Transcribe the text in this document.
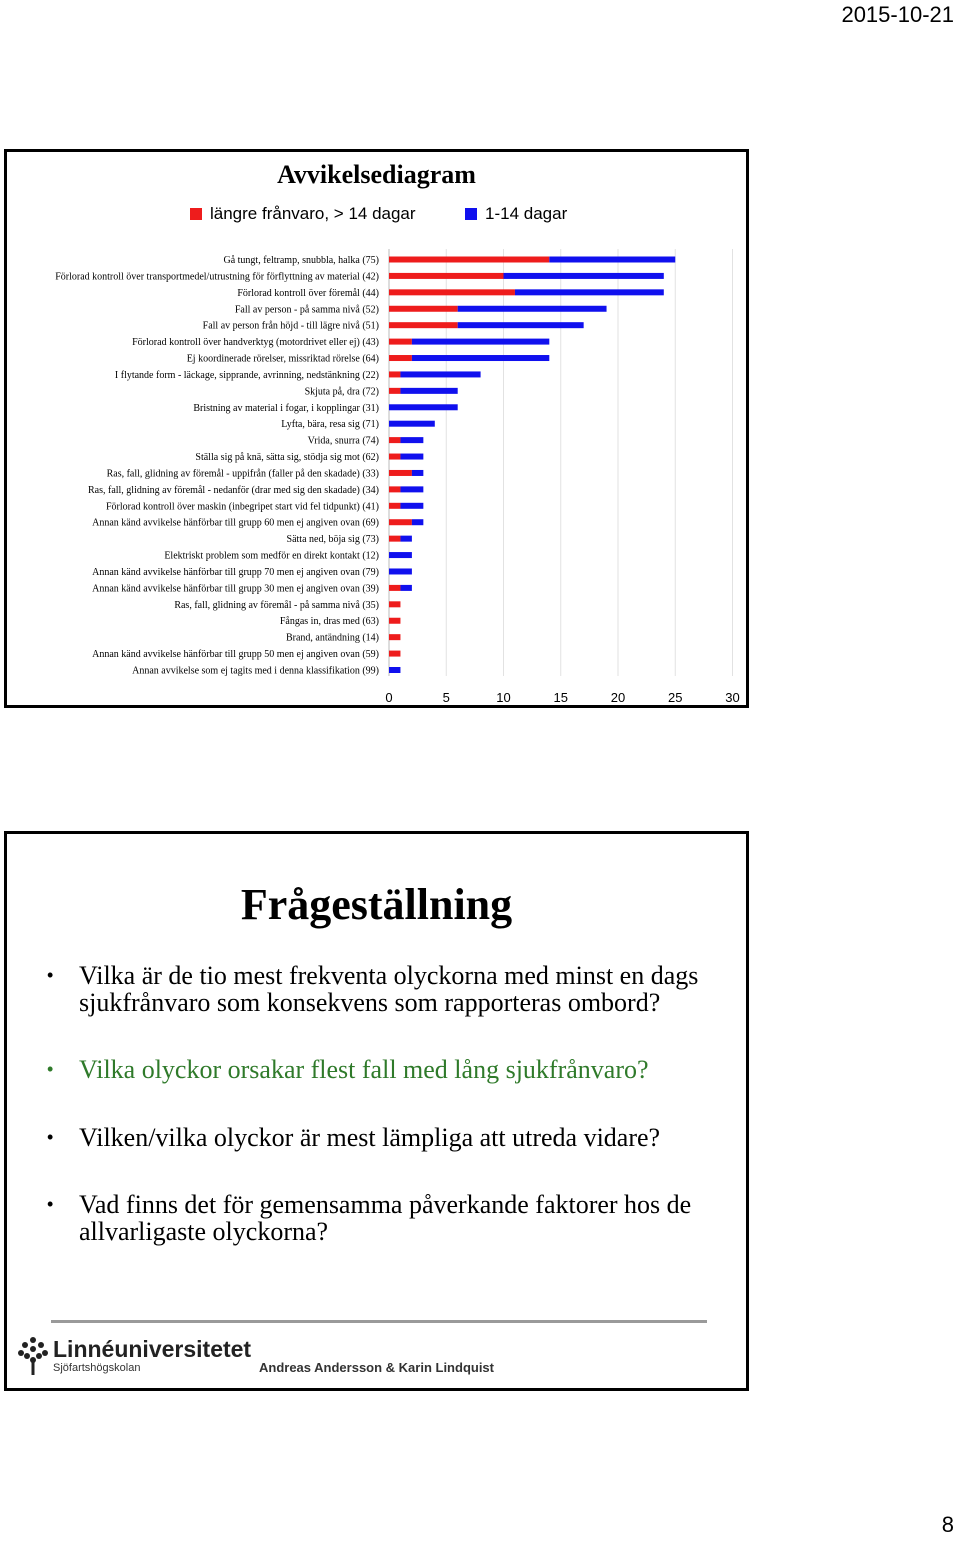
2015-10-21
Avvikelsediagram
längre frånvaro, > 14 dagar	1-14 dagar
0	5	10	15	20	25	30
Gå tungt, feltramp, snubbla, halka (75)
Förlorad kontroll över transportmedel/utrustning för förflyttning av material (42)
Förlorad kontroll över föremål (44)
Fall av person - på samma nivå (52)
Fall av person från höjd - till lägre nivå (51)
Förlorad kontroll över handverktyg (motordrivet eller ej) (43)
Ej koordinerade rörelser, missriktad rörelse (64)
I flytande form - läckage, sipprande, avrinning, nedstänkning (22)
Skjuta på, dra (72)
Bristning av material i fogar, i kopplingar (31)
Lyfta, bära, resa sig (71)
Vrida, snurra (74)
Ställa sig på knä, sätta sig, stödja sig mot (62)
Ras, fall, glidning av föremål - uppifrån (faller på den skadade) (33)
Ras, fall, glidning av föremål - nedanför (drar med sig den skadade) (34)
Förlorad kontroll över maskin (inbegripet start vid fel tidpunkt) (41)
Annan känd avvikelse hänförbar till grupp 60 men ej angiven ovan (69)
Sätta ned, böja sig (73)
Elektriskt problem som medför en direkt kontakt (12)
Annan känd avvikelse hänförbar till grupp 70 men ej angiven ovan (79)
Annan känd avvikelse hänförbar till grupp 30 men ej angiven ovan (39)
Ras, fall, glidning av föremål - på samma nivå (35)
Fångas in, dras med (63)
Brand, antändning (14)
Annan känd avvikelse hänförbar till grupp 50 men ej angiven ovan (59)
Annan avvikelse som ej tagits med i denna klassifikation (99)
Frågeställning
• Vilka är de tio mest frekventa olyckorna med minst en dags sjukfrånvaro som konsekvens som rapporteras ombord?
• Vilka olyckor orsakar flest fall med lång sjukfrånvaro?
• Vilken/vilka olyckor är mest lämpliga att utreda vidare?
• Vad finns det för gemensamma påverkande faktorer hos de allvarligaste olyckorna?
Linnéuniversitetet
Sjöfartshögskolan	Andreas Andersson & Karin Lindquist
8
